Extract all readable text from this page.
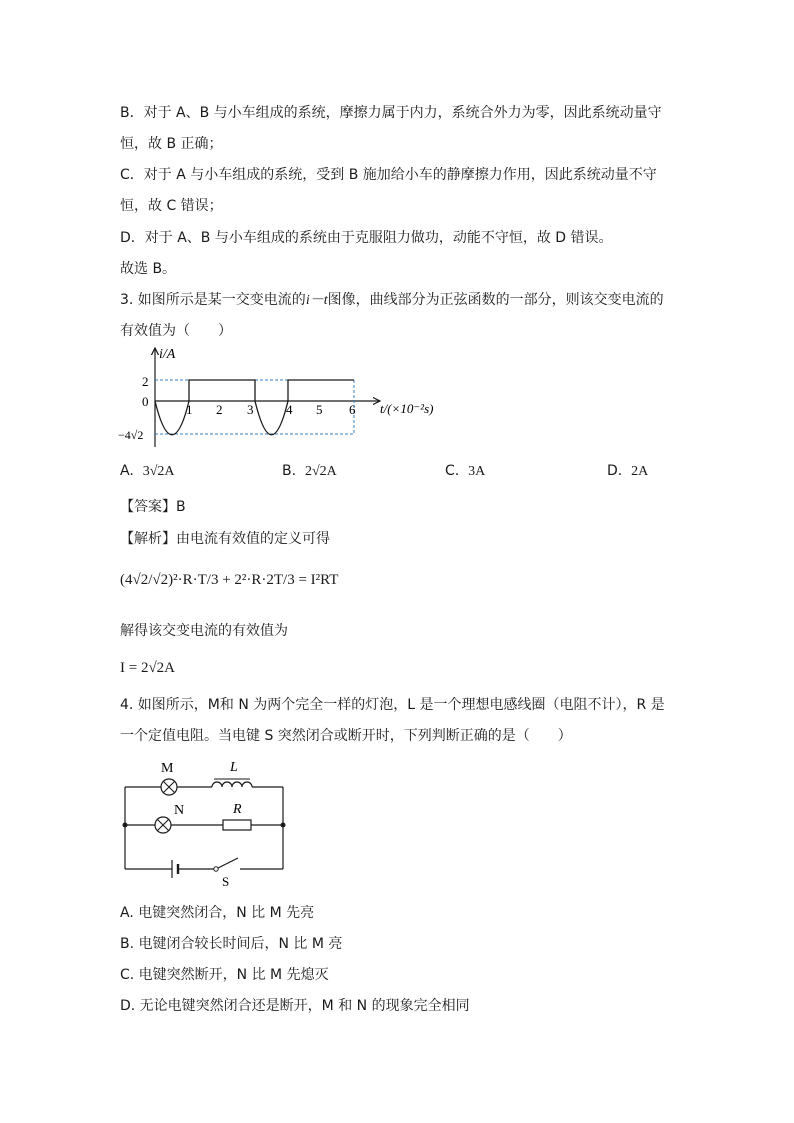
B．对于 A、B 与小车组成的系统，摩擦力属于内力，系统合外力为零，因此系统动量守
恒，故 B 正确；
C．对于 A 与小车组成的系统，受到 B 施加给小车的静摩擦力作用，因此系统动量不守
恒，故 C 错误；
D．对于 A、B 与小车组成的系统由于克服阻力做功，动能不守恒，故 D 错误。
故选 B。
3. 如图所示是某一交变电流的i－t图像，曲线部分为正弦函数的一部分，则该交变电流的
有效值为（　　）
i/A
2
0
−4√2
1 2 3	4 5 6 t/(×10⁻²s)
A. 3√2A	B. 2√2A	C. 3A	D. 2A
【答案】B
【解析】由电流有效值的定义可得
(4√2/√2)²·R·T/3 + 2²·R·2T/3 = I²RT
解得该交变电流的有效值为
I = 2√2A
4. 如图所示，M和 N 为两个完全一样的灯泡，L 是一个理想电感线圈（电阻不计），R 是
一个定值电阻。当电键 S 突然闭合或断开时，下列判断正确的是（　　）
M	L
N	R
S
A. 电键突然闭合，N 比 M 先亮
B. 电键闭合较长时间后，N 比 M 亮
C. 电键突然断开，N 比 M 先熄灭
D. 无论电键突然闭合还是断开，M 和 N 的现象完全相同
